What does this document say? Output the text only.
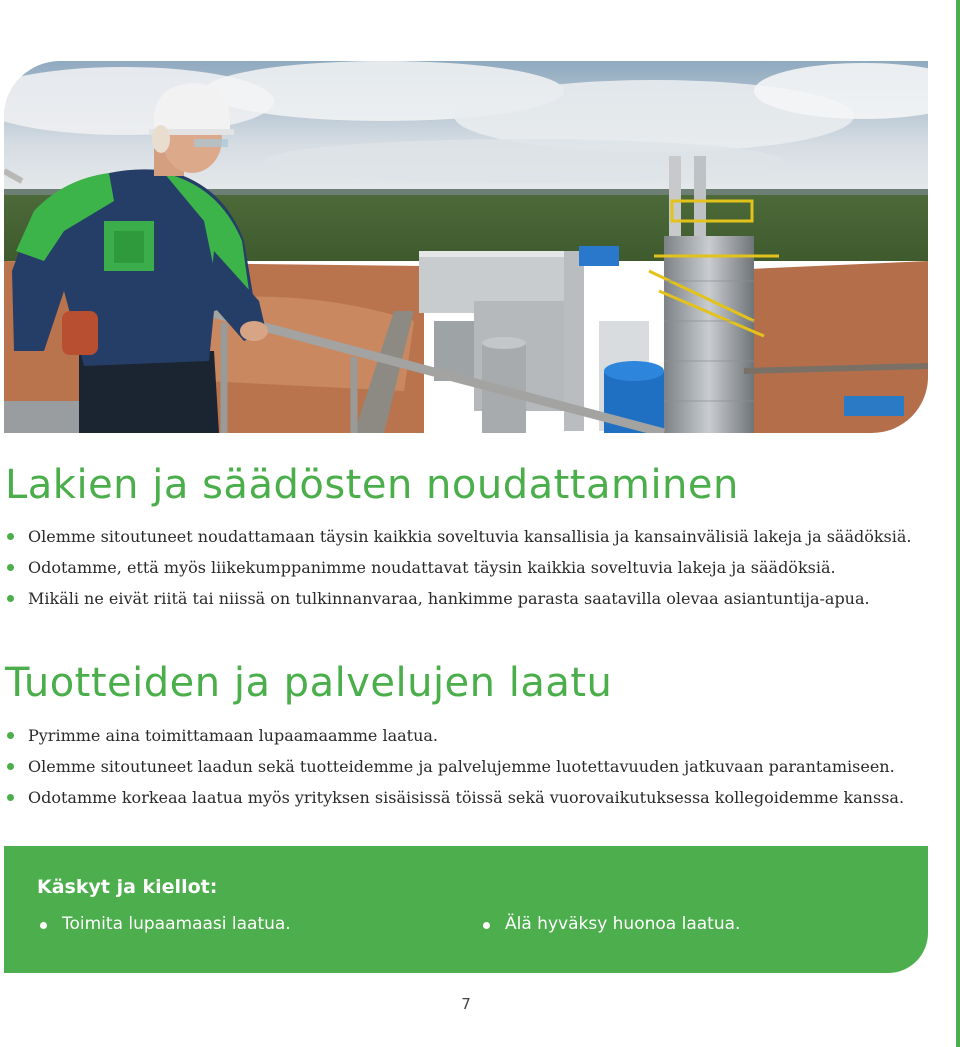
Lakien ja säädösten noudattaminen
Olemme sitoutuneet noudattamaan täysin kaikkia soveltuvia kansallisia ja kansainvälisiä lakeja ja säädöksiä.
Odotamme, että myös liikekumppanimme noudattavat täysin kaikkia soveltuvia lakeja ja säädöksiä.
Mikäli ne eivät riitä tai niissä on tulkinnanvaraa, hankimme parasta saatavilla olevaa asiantuntija-apua.
Tuotteiden ja palvelujen laatu
Pyrimme aina toimittamaan lupaamaamme laatua.
Olemme sitoutuneet laadun sekä tuotteidemme ja palvelujemme luotettavuuden jatkuvaan parantamiseen.
Odotamme korkeaa laatua myös yrityksen sisäisissä töissä sekä vuorovaikutuksessa kollegoidemme kanssa.
Käskyt ja kiellot:
Toimita lupaamaasi laatua.	Älä hyväksy huonoa laatua.
7
